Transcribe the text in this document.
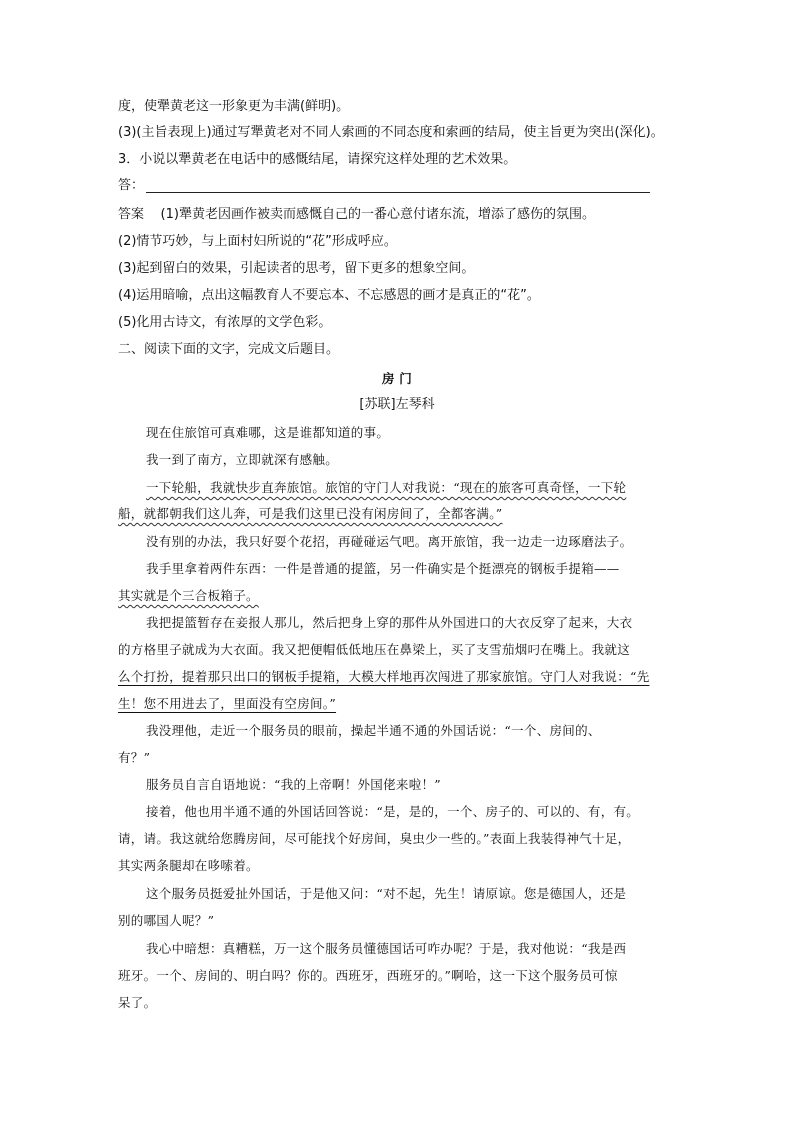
度，使犟黄老这一形象更为丰满(鲜明)。
(3)(主旨表现上)通过写犟黄老对不同人索画的不同态度和索画的结局，使主旨更为突出(深化)。
3．小说以犟黄老在电话中的感慨结尾，请探究这样处理的艺术效果。
答：
答案 (1)犟黄老因画作被卖而感慨自己的一番心意付诸东流，增添了感伤的氛围。
(2)情节巧妙，与上面村妇所说的“花”形成呼应。
(3)起到留白的效果，引起读者的思考，留下更多的想象空间。
(4)运用暗喻，点出这幅教育人不要忘本、不忘感恩的画才是真正的“花”。
(5)化用古诗文，有浓厚的文学色彩。
二、阅读下面的文字，完成文后题目。
房 门
[苏联]左琴科
现在住旅馆可真难哪，这是谁都知道的事。
我一到了南方，立即就深有感触。
一下轮船，我就快步直奔旅馆。旅馆的守门人对我说：“现在的旅客可真奇怪，一下轮
船，就都朝我们这儿奔，可是我们这里已没有闲房间了，全都客满。”
没有别的办法，我只好耍个花招，再碰碰运气吧。离开旅馆，我一边走一边琢磨法子。
我手里拿着两件东西：一件是普通的提篮，另一件确实是个挺漂亮的钢板手提箱——
其实就是个三合板箱子。
我把提篮暂存在妾报人那儿，然后把身上穿的那件从外国进口的大衣反穿了起来，大衣
的方格里子就成为大衣面。我又把便帽低低地压在鼻梁上，买了支雪茄烟叼在嘴上。我就这
么个打扮，提着那只出口的钢板手提箱，大模大样地再次闯进了那家旅馆。守门人对我说：“先
生！您不用进去了，里面没有空房间。”
我没理他，走近一个服务员的眼前，操起半通不通的外国话说：“一个、房间的、
有？”
服务员自言自语地说：“我的上帝啊！外国佬来啦！”
接着，他也用半通不通的外国话回答说：“是，是的，一个、房子的、可以的、有，有。
请，请。我这就给您腾房间，尽可能找个好房间，臭虫少一些的。”表面上我装得神气十足，
其实两条腿却在哆嗦着。
这个服务员挺爱扯外国话，于是他又问：“对不起，先生！请原谅。您是德国人，还是
别的哪国人呢？”
我心中暗想：真糟糕，万一这个服务员懂德国话可咋办呢？于是，我对他说：“我是西
班牙。一个、房间的、明白吗？你的。西班牙，西班牙的。”啊哈，这一下这个服务员可惊
呆了。
